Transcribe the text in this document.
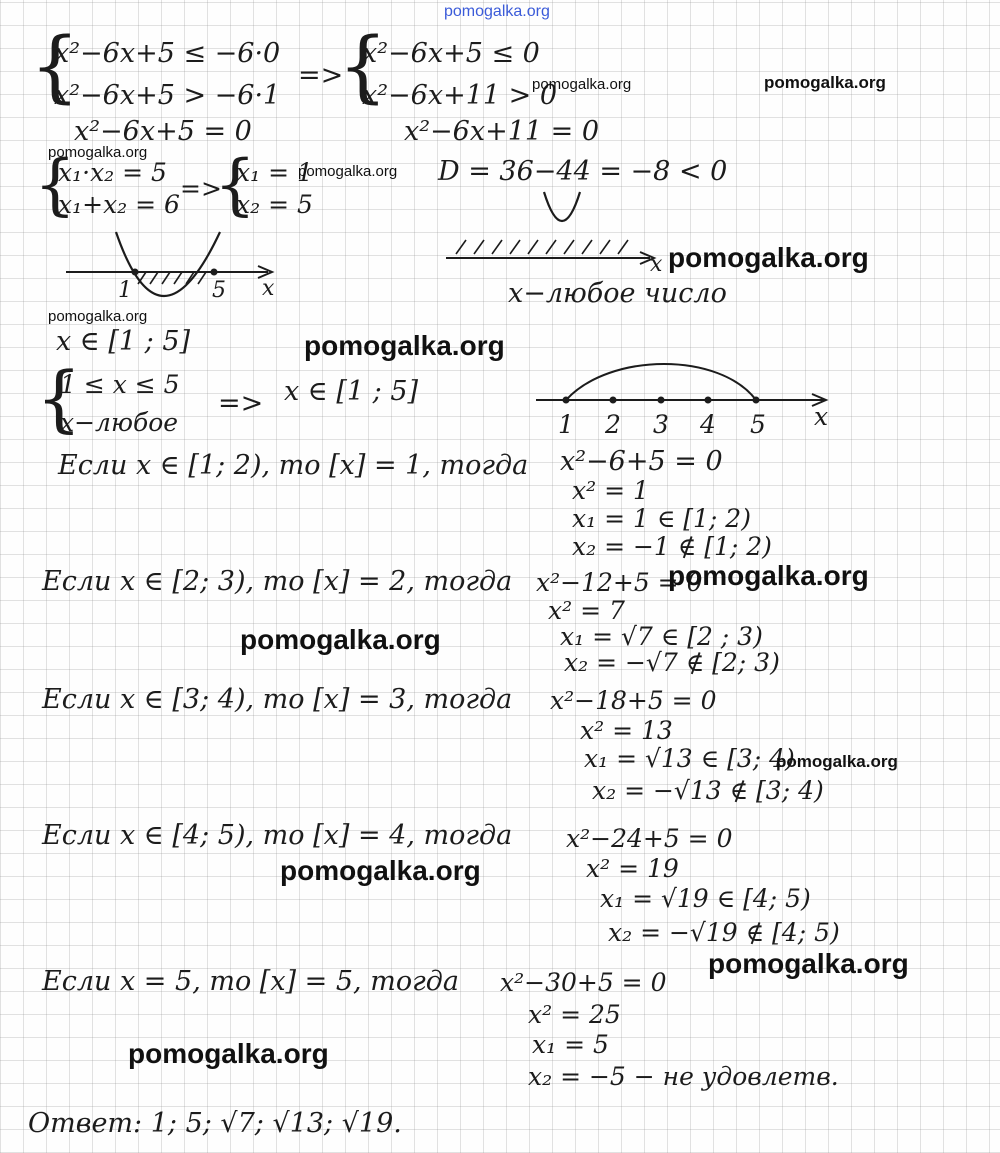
pomogalka.org
{
x²−6x+5 ≤ −6·0
x²−6x+5 > −6·1
=>
{
x²−6x+5 ≤ 0
x²−6x+11 > 0
pomogalka.org	pomogalka.org
x²−6x+5 = 0	x²−6x+11 = 0
D = 36−44 = −8 < 0
pomogalka.org
{
x₁·x₂ = 5
x₁+x₂ = 6
=>
{
x₁ = 1
x₂ = 5
pomogalka.org
1	5 x
x pomogalka.org
x−любое число
pomogalka.org
x ∈ [1 ; 5]	pomogalka.org
{
1 ≤ x ≤ 5
x−любое
=> x ∈ [1 ; 5]
1 2 3 4 5 x
Если x ∈ [1; 2), то [x] = 1, тогда x²−6+5 = 0
x² = 1
x₁ = 1 ∈ [1; 2)
x₂ = −1 ∉ [1; 2)
Если x ∈ [2; 3), то [x] = 2, тогда x²−12+5 = 0
pomogalka.org
x² = 7
x₁ = √7 ∈ [2 ; 3)
x₂ = −√7 ∉ [2; 3)
pomogalka.org
Если x ∈ [3; 4), то [x] = 3, тогда x²−18+5 = 0
x² = 13
x₁ = √13 ∈ [3; 4)
x₂ = −√13 ∉ [3; 4)
pomogalka.org
Если x ∈ [4; 5), то [x] = 4, тогда x²−24+5 = 0
pomogalka.org	x² = 19
x₁ = √19 ∈ [4; 5)
x₂ = −√19 ∉ [4; 5)
pomogalka.org
Если x = 5, то [x] = 5, тогда x²−30+5 = 0
x² = 25
x₁ = 5
x₂ = −5 − не удовлетв.
pomogalka.org
Ответ: 1; 5; √7; √13; √19.
